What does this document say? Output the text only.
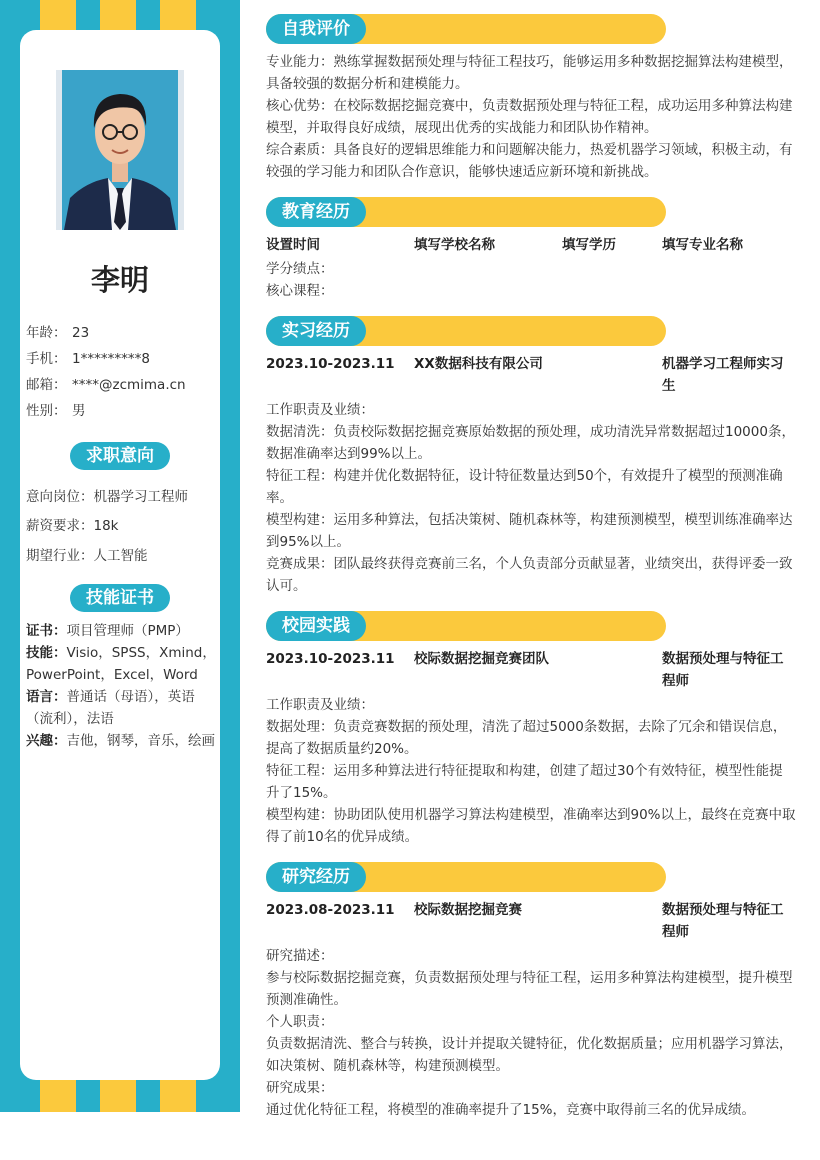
李明
年龄： 23
手机： 1*********8
邮箱： ****@zcmima.cn
性别： 男
求职意向
意向岗位：机器学习工程师
薪资要求：18k
期望行业：人工智能
技能证书
证书：项目管理师（PMP）
技能：Visio，SPSS，Xmind，PowerPoint，Excel，Word
语言：普通话（母语），英语（流利），法语
兴趣：吉他，钢琴，音乐，绘画
自我评价

专业能力：熟练掌握数据预处理与特征工程技巧，能够运用多种数据挖掘算法构建模型，具备较强的数据分析和建模能力。

核心优势：在校际数据挖掘竞赛中，负责数据预处理与特征工程，成功运用多种算法构建模型，并取得良好成绩，展现出优秀的实战能力和团队协作精神。

综合素质：具备良好的逻辑思维能力和问题解决能力，热爱机器学习领域，积极主动，有较强的学习能力和团队合作意识，能够快速适应新环境和新挑战。

教育经历
设置时间	填写学校名称	填写学历	填写专业名称

学分绩点：

核心课程：

实习经历
2023.10-2023.11 XX数据科技有限公司	机器学习工程师实习生

工作职责及业绩：

数据清洗：负责校际数据挖掘竞赛原始数据的预处理，成功清洗异常数据超过10000条，数据准确率达到99%以上。

特征工程：构建并优化数据特征，设计特征数量达到50个，有效提升了模型的预测准确率。

模型构建：运用多种算法，包括决策树、随机森林等，构建预测模型，模型训练准确率达到95%以上。

竞赛成果：团队最终获得竞赛前三名，个人负责部分贡献显著，业绩突出，获得评委一致认可。

校园实践
2023.10-2023.11 校际数据挖掘竞赛团队	数据预处理与特征工程师

工作职责及业绩：

数据处理：负责竞赛数据的预处理，清洗了超过5000条数据，去除了冗余和错误信息，提高了数据质量约20%。

特征工程：运用多种算法进行特征提取和构建，创建了超过30个有效特征，模型性能提升了15%。

模型构建：协助团队使用机器学习算法构建模型，准确率达到90%以上，最终在竞赛中取得了前10名的优异成绩。

研究经历
2023.08-2023.11 校际数据挖掘竞赛	数据预处理与特征工程师

研究描述：

参与校际数据挖掘竞赛，负责数据预处理与特征工程，运用多种算法构建模型，提升模型预测准确性。

个人职责：

负责数据清洗、整合与转换，设计并提取关键特征，优化数据质量；应用机器学习算法，如决策树、随机森林等，构建预测模型。

研究成果：

通过优化特征工程，将模型的准确率提升了15%，竞赛中取得前三名的优异成绩。
